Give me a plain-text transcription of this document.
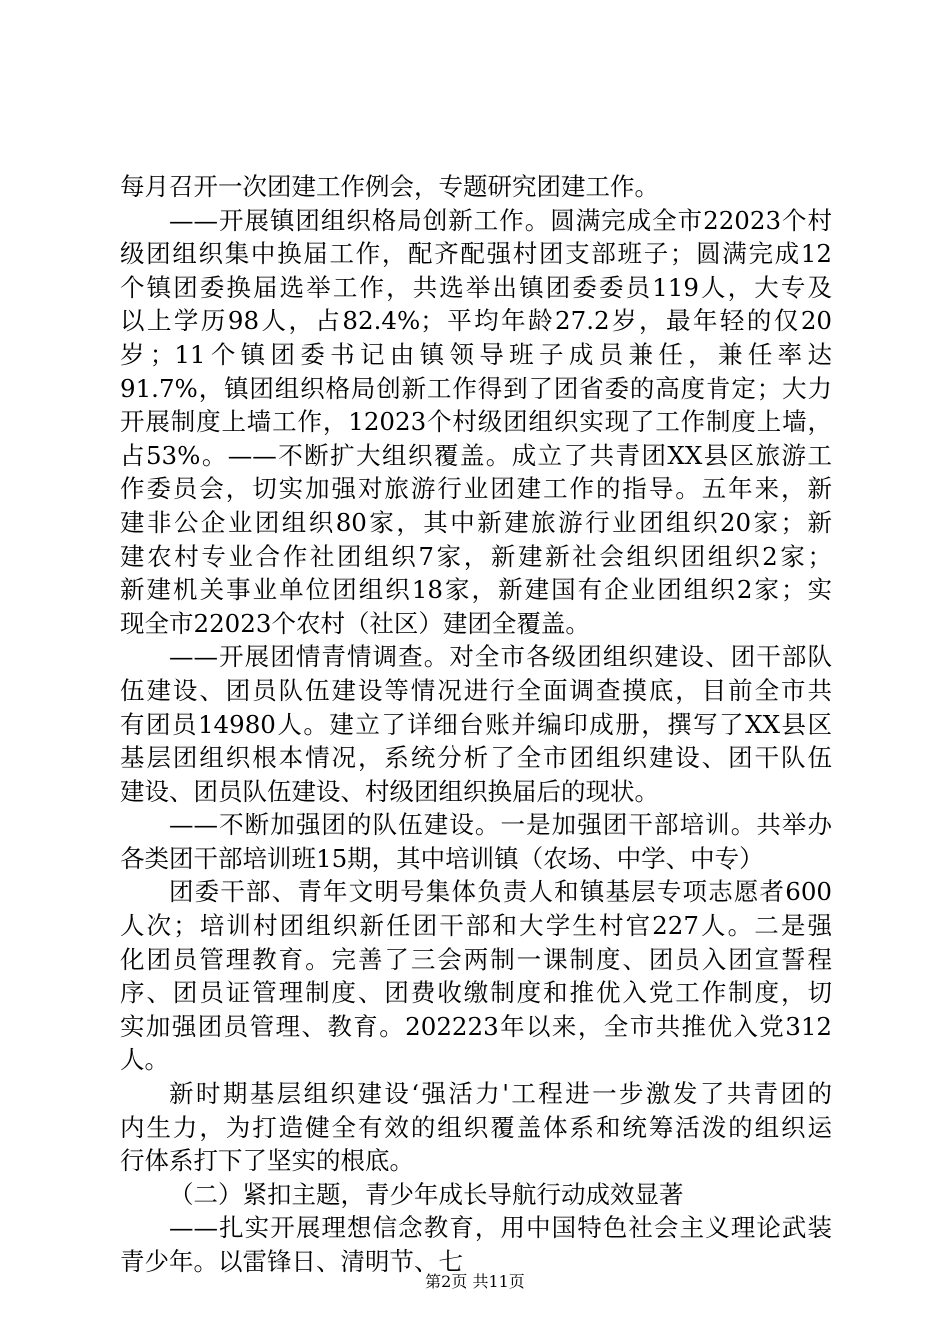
每月召开一次团建工作例会，专题研究团建工作。
——开展镇团组织格局创新工作。圆满完成全市22023个村
级团组织集中换届工作，配齐配强村团支部班子；圆满完成12
个镇团委换届选举工作，共选举出镇团委委员119人，大专及
以上学历98人，占82.4%；平均年龄27.2岁，最年轻的仅20
岁；11个镇团委书记由镇领导班子成员兼任，兼任率达
91.7%，镇团组织格局创新工作得到了团省委的高度肯定；大力
开展制度上墙工作，12023个村级团组织实现了工作制度上墙，
占53%。——不断扩大组织覆盖。成立了共青团XX县区旅游工
作委员会，切实加强对旅游行业团建工作的指导。五年来，新
建非公企业团组织80家，其中新建旅游行业团组织20家；新
建农村专业合作社团组织7家，新建新社会组织团组织2家；
新建机关事业单位团组织18家，新建国有企业团组织2家；实
现全市22023个农村（社区）建团全覆盖。
——开展团情青情调查。对全市各级团组织建设、团干部队
伍建设、团员队伍建设等情况进行全面调查摸底，目前全市共
有团员14980人。建立了详细台账并编印成册，撰写了XX县区
基层团组织根本情况，系统分析了全市团组织建设、团干队伍
建设、团员队伍建设、村级团组织换届后的现状。
——不断加强团的队伍建设。一是加强团干部培训。共举办
各类团干部培训班15期，其中培训镇（农场、中学、中专）
团委干部、青年文明号集体负责人和镇基层专项志愿者600
人次；培训村团组织新任团干部和大学生村官227人。二是强
化团员管理教育。完善了三会两制一课制度、团员入团宣誓程
序、团员证管理制度、团费收缴制度和推优入党工作制度，切
实加强团员管理、教育。202223年以来，全市共推优入党312
人。
新时期基层组织建设‘强活力'工程进一步激发了共青团的
内生力，为打造健全有效的组织覆盖体系和统筹活泼的组织运
行体系打下了坚实的根底。
（二）紧扣主题，青少年成长导航行动成效显著
——扎实开展理想信念教育，用中国特色社会主义理论武装
青少年。以雷锋日、清明节、七
第2页 共11页
